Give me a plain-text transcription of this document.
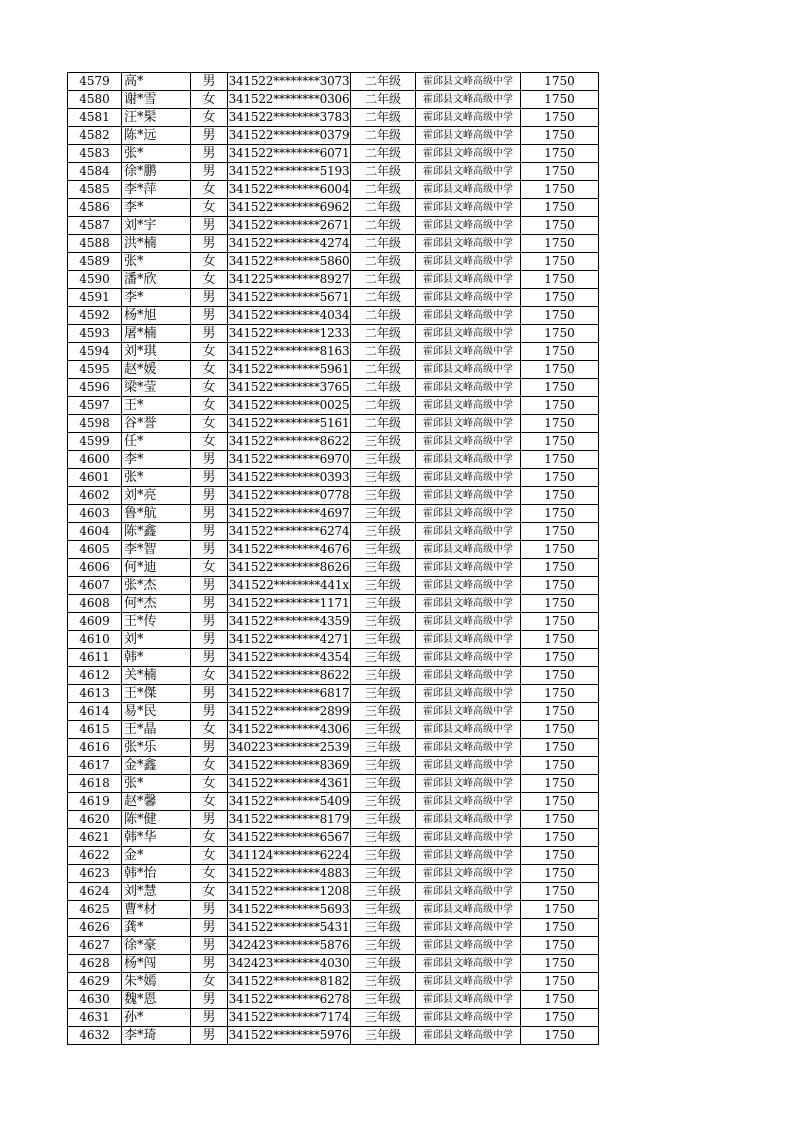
4579	高*	男	341522********3073	二年级	霍邱县文峰高级中学	1750
4580	谢*雪	女	341522********0306	二年级	霍邱县文峰高级中学	1750
4581	汪*髤	女	341522********3783	二年级	霍邱县文峰高级中学	1750
4582	陈*远	男	341522********0379	二年级	霍邱县文峰高级中学	1750
4583	张*	男	341522********6071	二年级	霍邱县文峰高级中学	1750
4584	徐*鹏	男	341522********5193	二年级	霍邱县文峰高级中学	1750
4585	李*萍	女	341522********6004	二年级	霍邱县文峰高级中学	1750
4586	李*	女	341522********6962	二年级	霍邱县文峰高级中学	1750
4587	刘*宇	男	341522********2671	二年级	霍邱县文峰高级中学	1750
4588	洪*楠	男	341522********4274	二年级	霍邱县文峰高级中学	1750
4589	张*	女	341522********5860	二年级	霍邱县文峰高级中学	1750
4590	潘*欣	女	341225********8927	二年级	霍邱县文峰高级中学	1750
4591	李*	男	341522********5671	二年级	霍邱县文峰高级中学	1750
4592	杨*旭	男	341522********4034	二年级	霍邱县文峰高级中学	1750
4593	屠*楠	男	341522********1233	二年级	霍邱县文峰高级中学	1750
4594	刘*琪	女	341522********8163	二年级	霍邱县文峰高级中学	1750
4595	赵*媛	女	341522********5961	二年级	霍邱县文峰高级中学	1750
4596	梁*莹	女	341522********3765	二年级	霍邱县文峰高级中学	1750
4597	王*	女	341522********0025	二年级	霍邱县文峰高级中学	1750
4598	谷*誉	女	341522********5161	二年级	霍邱县文峰高级中学	1750
4599	任*	女	341522********8622	三年级	霍邱县文峰高级中学	1750
4600	李*	男	341522********6970	三年级	霍邱县文峰高级中学	1750
4601	张*	男	341522********0393	三年级	霍邱县文峰高级中学	1750
4602	刘*亮	男	341522********0778	三年级	霍邱县文峰高级中学	1750
4603	鲁*航	男	341522********4697	三年级	霍邱县文峰高级中学	1750
4604	陈*鑫	男	341522********6274	三年级	霍邱县文峰高级中学	1750
4605	李*智	男	341522********4676	三年级	霍邱县文峰高级中学	1750
4606	何*迪	女	341522********8626	三年级	霍邱县文峰高级中学	1750
4607	张*杰	男	341522********441x	三年级	霍邱县文峰高级中学	1750
4608	何*杰	男	341522********1171	三年级	霍邱县文峰高级中学	1750
4609	王*传	男	341522********4359	三年级	霍邱县文峰高级中学	1750
4610	刘*	男	341522********4271	三年级	霍邱县文峰高级中学	1750
4611	韩*	男	341522********4354	三年级	霍邱县文峰高级中学	1750
4612	关*楠	女	341522********8622	三年级	霍邱县文峰高级中学	1750
4613	王*傑	男	341522********6817	三年级	霍邱县文峰高级中学	1750
4614	易*民	男	341522********2899	三年级	霍邱县文峰高级中学	1750
4615	王*晶	女	341522********4306	三年级	霍邱县文峰高级中学	1750
4616	张*乐	男	340223********2539	三年级	霍邱县文峰高级中学	1750
4617	金*鑫	女	341522********8369	三年级	霍邱县文峰高级中学	1750
4618	张*	女	341522********4361	三年级	霍邱县文峰高级中学	1750
4619	赵*馨	女	341522********5409	三年级	霍邱县文峰高级中学	1750
4620	陈*健	男	341522********8179	三年级	霍邱县文峰高级中学	1750
4621	韩*华	女	341522********6567	三年级	霍邱县文峰高级中学	1750
4622	金*	女	341124********6224	三年级	霍邱县文峰高级中学	1750
4623	韩*怡	女	341522********4883	三年级	霍邱县文峰高级中学	1750
4624	刘*慧	女	341522********1208	三年级	霍邱县文峰高级中学	1750
4625	曹*材	男	341522********5693	三年级	霍邱县文峰高级中学	1750
4626	龚*	男	341522********5431	三年级	霍邱县文峰高级中学	1750
4627	徐*豪	男	342423********5876	三年级	霍邱县文峰高级中学	1750
4628	杨*闯	男	342423********4030	三年级	霍邱县文峰高级中学	1750
4629	朱*嫣	女	341522********8182	三年级	霍邱县文峰高级中学	1750
4630	魏*恩	男	341522********6278	三年级	霍邱县文峰高级中学	1750
4631	孙*	男	341522********7174	三年级	霍邱县文峰高级中学	1750
4632	李*琦	男	341522********5976	三年级	霍邱县文峰高级中学	1750
